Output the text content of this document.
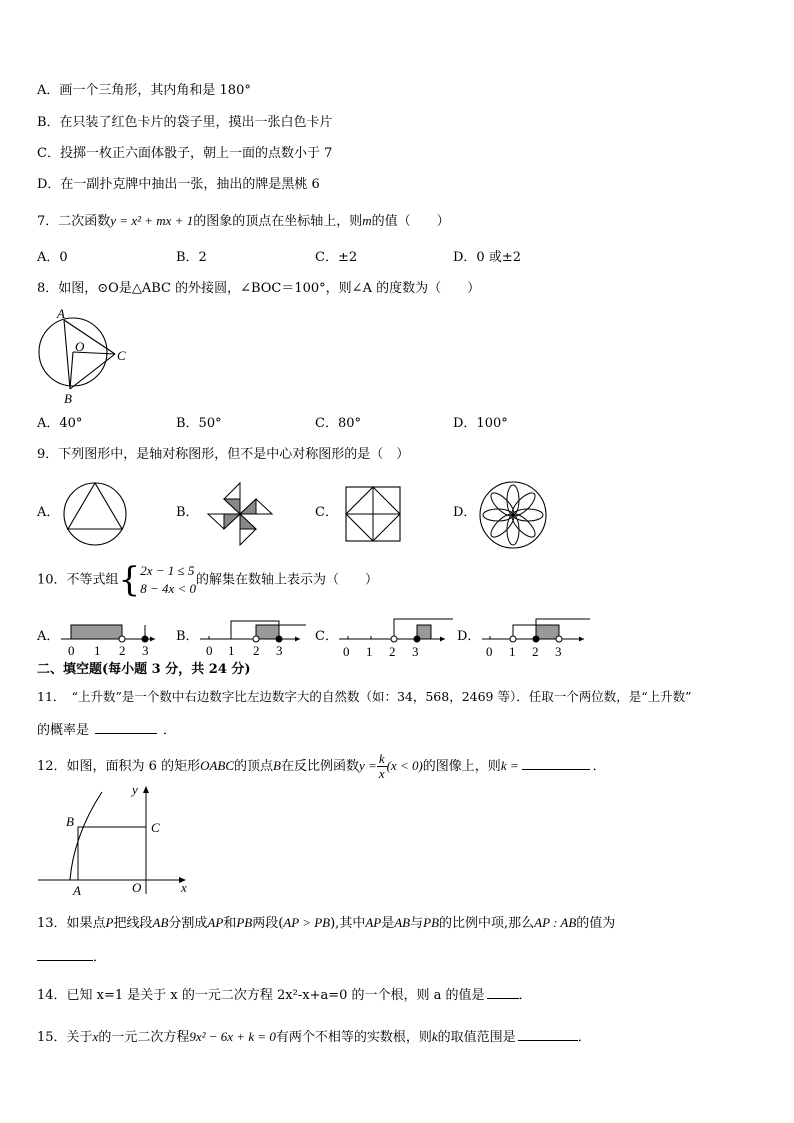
A．画一个三角形，其内角和是 180°
B．在只装了红色卡片的袋子里，摸出一张白色卡片
C．投掷一枚正六面体骰子，朝上一面的点数小于 7
D．在一副扑克牌中抽出一张，抽出的牌是黑桃 6
7．二次函数y = x² + mx + 1的图象的顶点在坐标轴上，则m的值（　　）
A．0	B．2	C．±2	D．0 或±2
8．如图，⊙O是△ABC 的外接圆，∠BOC＝100°，则∠A 的度数为（　　）
A
O
C
B
A．40°	B．50°	C．80°	D．100°
9．下列图形中，是轴对称图形，但不是中心对称图形的是（　）
A．	B．	C．	D．
10．不等式组{ 2x − 1 ≤ 5
8 − 4x < 0
的解集在数轴上表示为（　　）
A．
0 1 2 3
B．
0 1 2 3
C．
0 1 2 3
D．
0 1 2 3
二、填空题(每小题 3 分，共 24 分)
11．　“上升数”是一个数中右边数字比左边数字大的自然数（如：34，568，2469 等）．任取一个两位数，是“上升数”
的概率是	．
12．如图，面积为 6 的矩形OABC的顶点B在反比例函数$y = \frac{k}{x} (x < 0)$的图像上，则k =	．
y
B	C
A	O	x
13．如果点P把线段AB分割成AP和PB两段(AP > PB),其中AP是AB与PB的比例中项,那么AP : AB的值为
．
14．已知 x=1 是关于 x 的一元二次方程 2x²-x+a=0 的一个根，则 a 的值是	．
15．关于x的一元二次方程9x² − 6x + k = 0有两个不相等的实数根，则k的取值范围是	．
